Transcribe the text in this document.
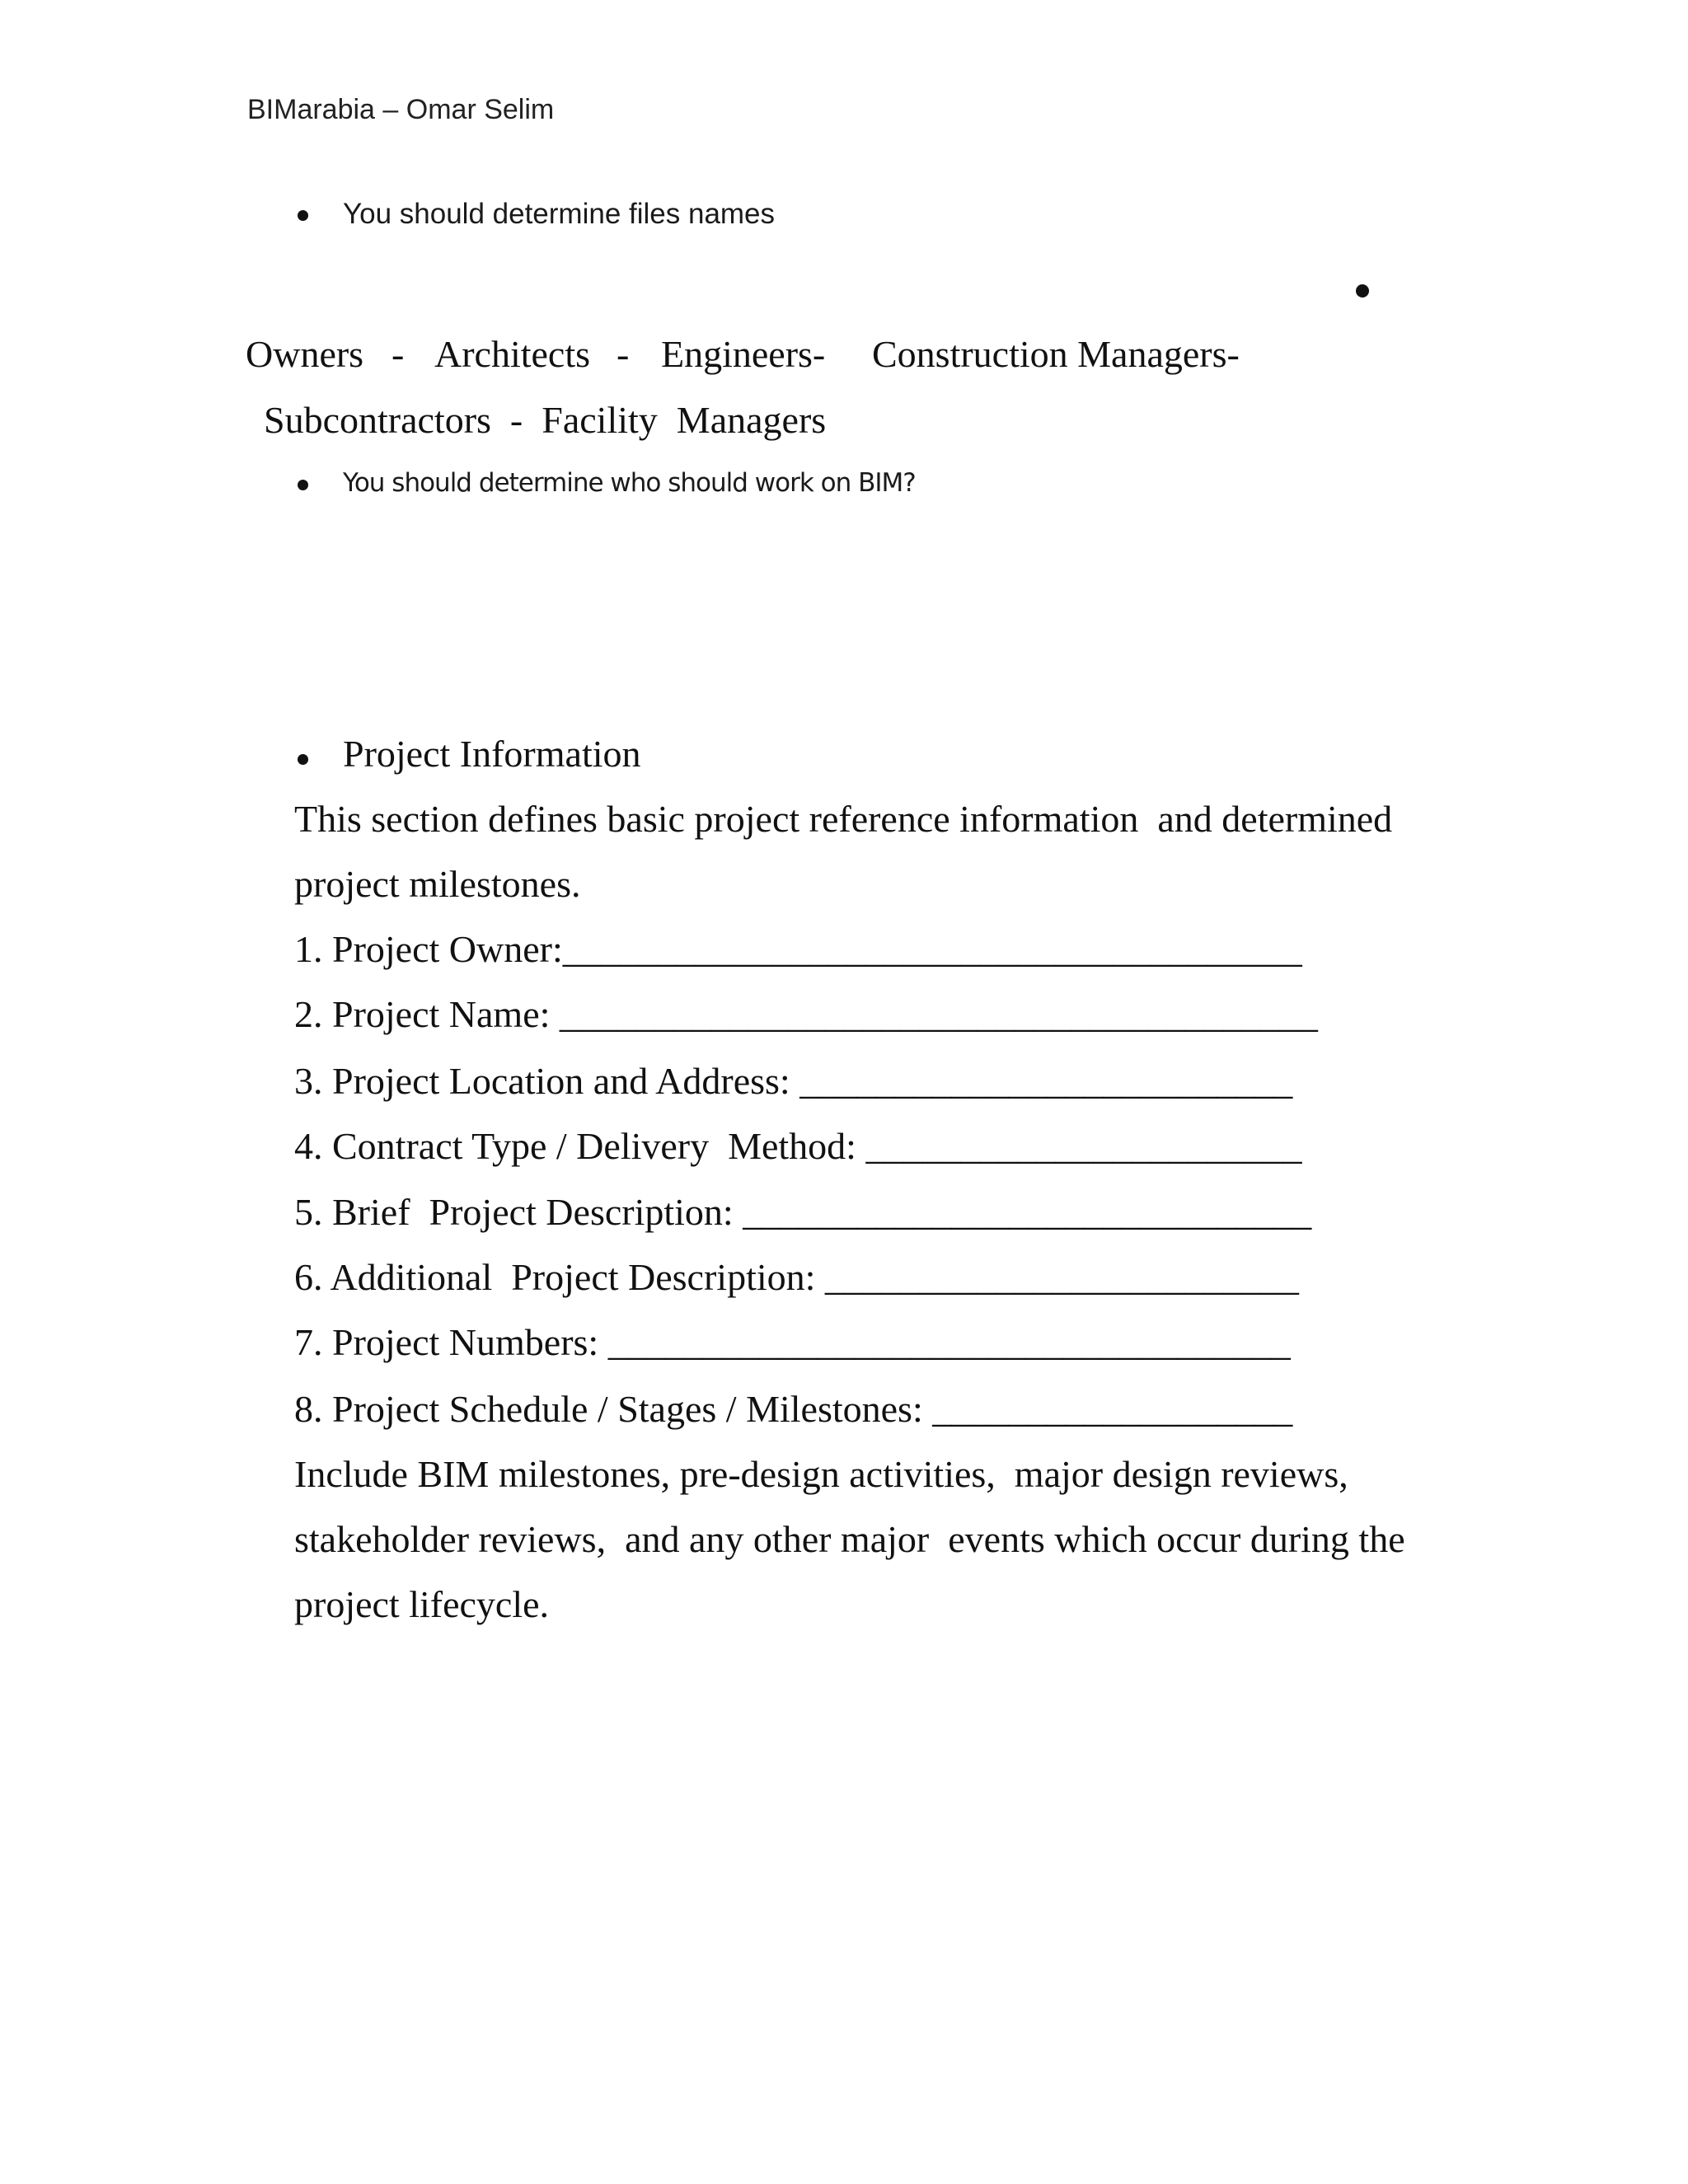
BIMarabia – Omar Selim
You should determine files names
Owners - Architects - Engineers- Construction Managers-
Subcontractors  -  Facility  Managers
You should determine who should work on BIM?
Project Information
This section defines basic project reference information  and determined
project milestones.
1. Project Owner:_______________________________________
2. Project Name: ________________________________________
3. Project Location and Address: __________________________
4. Contract Type / Delivery  Method: _______________________
5. Brief  Project Description: ______________________________
6. Additional  Project Description: _________________________
7. Project Numbers: ____________________________________
8. Project Schedule / Stages / Milestones: ___________________
Include BIM milestones, pre-design activities,  major design reviews,
stakeholder reviews,  and any other major  events which occur during the
project lifecycle.
